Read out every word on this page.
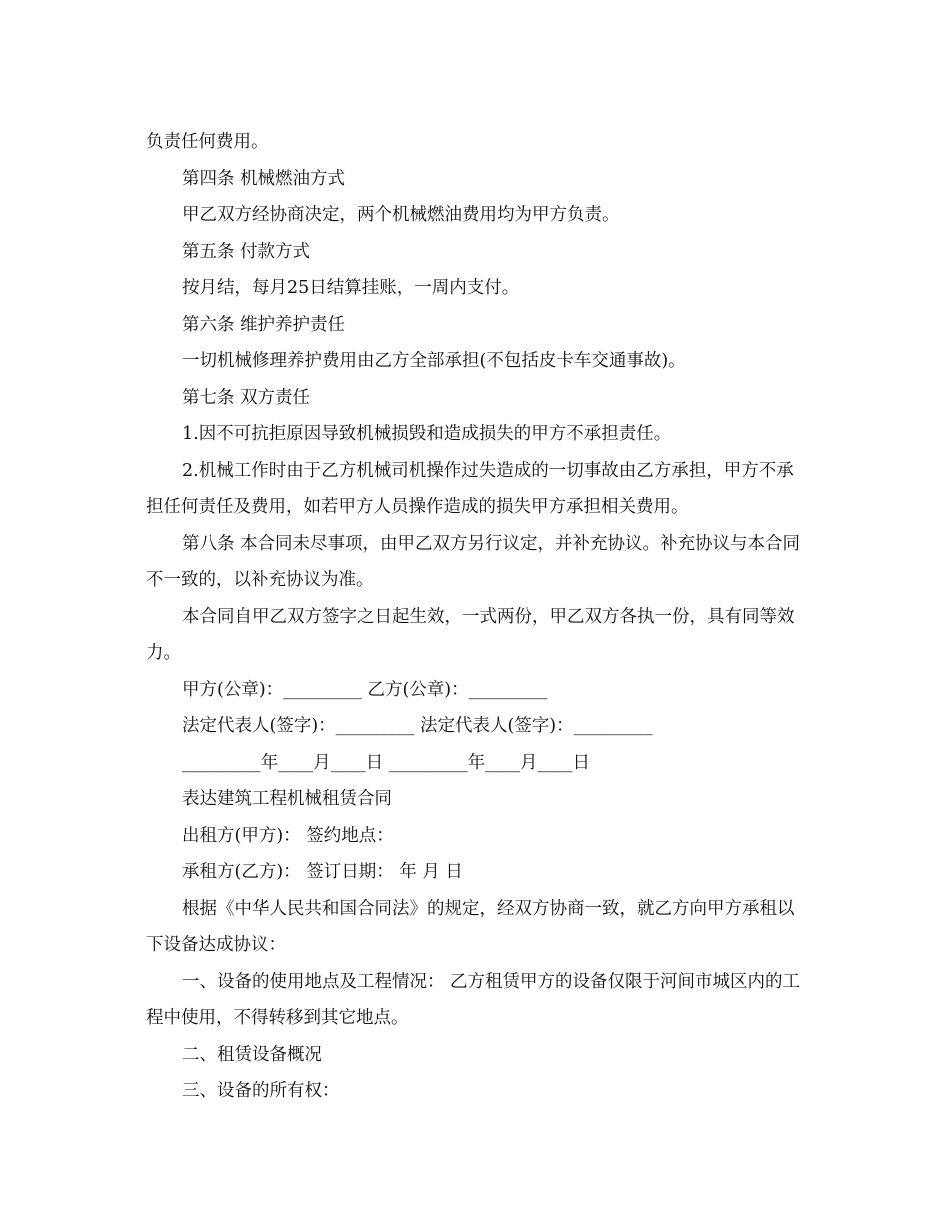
负责任何费用。

第四条 机械燃油方式

甲乙双方经协商决定，两个机械燃油费用均为甲方负责。

第五条 付款方式

按月结，每月25日结算挂账，一周内支付。

第六条 维护养护责任

一切机械修理养护费用由乙方全部承担(不包括皮卡车交通事故)。

第七条 双方责任

1.因不可抗拒原因导致机械损毁和造成损失的甲方不承担责任。

2.机械工作时由于乙方机械司机操作过失造成的一切事故由乙方承担，甲方不承担任何责任及费用，如若甲方人员操作造成的损失甲方承担相关费用。

第八条 本合同未尽事项，由甲乙双方另行议定，并补充协议。补充协议与本合同不一致的，以补充协议为准。

本合同自甲乙双方签字之日起生效，一式两份，甲乙双方各执一份，具有同等效力。

甲方(公章)：_________ 乙方(公章)：_________

法定代表人(签字)：_________ 法定代表人(签字)：_________

_________年____月____日 _________年____月____日

表达建筑工程机械租赁合同

出租方(甲方)： 签约地点：

承租方(乙方)： 签订日期： 年 月 日

根据《中华人民共和国合同法》的规定，经双方协商一致，就乙方向甲方承租以下设备达成协议：

一、设备的使用地点及工程情况： 乙方租赁甲方的设备仅限于河间市城区内的工程中使用，不得转移到其它地点。

二、租赁设备概况

三、设备的所有权：
